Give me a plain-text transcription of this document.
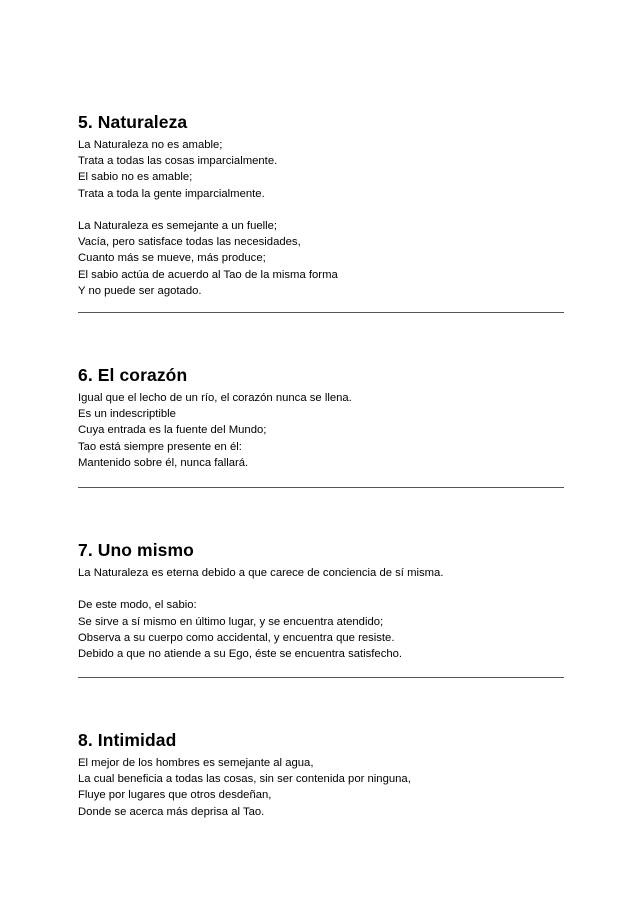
5. Naturaleza

La Naturaleza no es amable;

Trata a todas las cosas imparcialmente.

El sabio no es amable;

Trata a toda la gente imparcialmente.

La Naturaleza es semejante a un fuelle;

Vacía, pero satisface todas las necesidades,

Cuanto más se mueve, más produce;

El sabio actúa de acuerdo al Tao de la misma forma

Y no puede ser agotado.

6. El corazón

Igual que el lecho de un río, el corazón nunca se llena.

Es un indescriptible

Cuya entrada es la fuente del Mundo;

Tao está siempre presente en él:

Mantenido sobre él, nunca fallará.

7. Uno mismo

La Naturaleza es eterna debido a que carece de conciencia de sí misma.

De este modo, el sabio:

Se sirve a sí mismo en último lugar, y se encuentra atendido;

Observa a su cuerpo como accidental, y encuentra que resiste.

Debido a que no atiende a su Ego, éste se encuentra satisfecho.

8. Intimidad

El mejor de los hombres es semejante al agua,

La cual beneficia a todas las cosas, sin ser contenida por ninguna,

Fluye por lugares que otros desdeñan,

Donde se acerca más deprisa al Tao.
